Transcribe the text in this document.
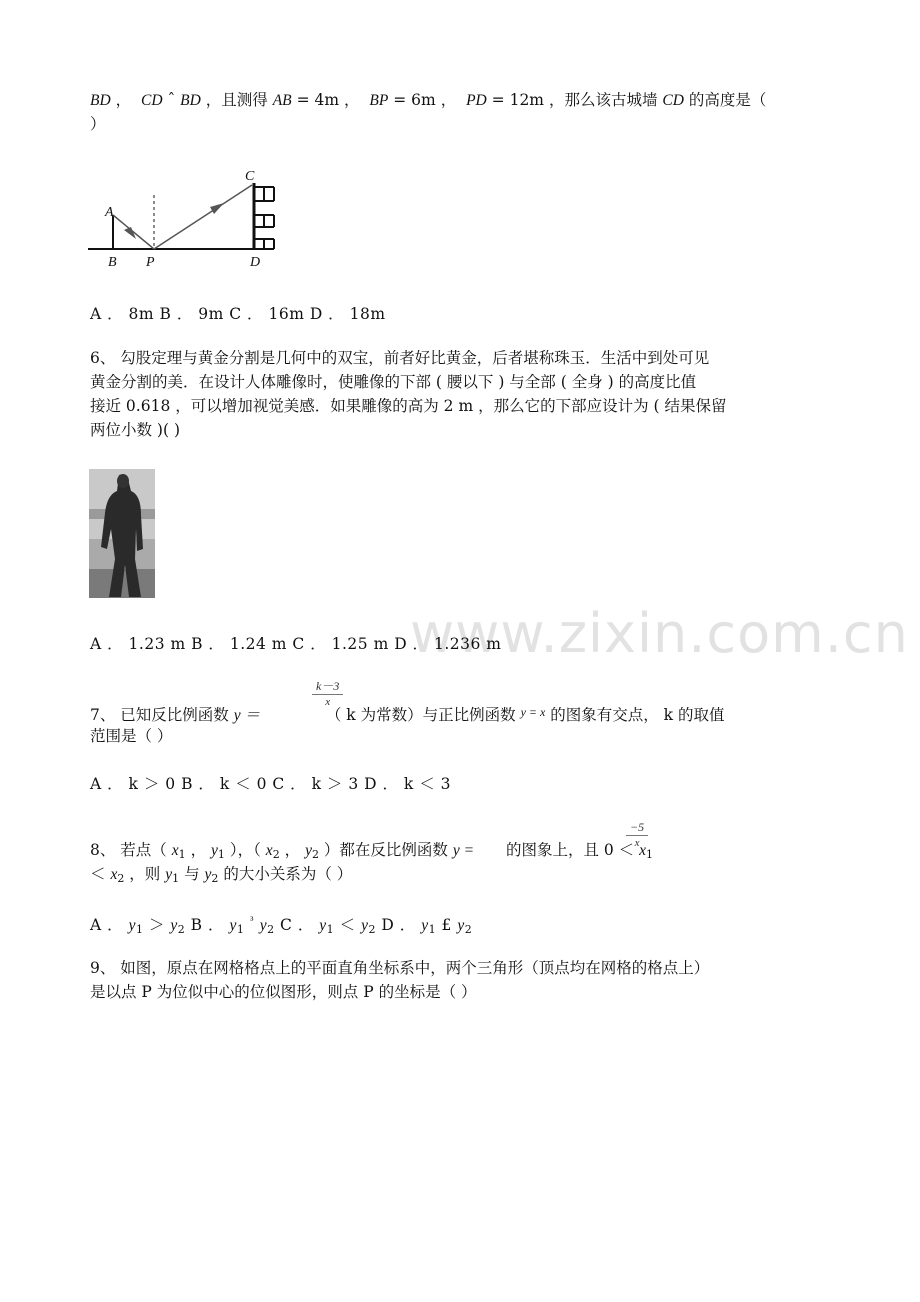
BD ， CD ˆ BD ，且测得 AB = 4m ， BP = 6m ， PD = 12m ，那么该古城墙 CD 的高度是（
）
A
B P
C
D
A ． 8m B ． 9m C ． 16m D ． 18m
6、 勾股定理与黄金分割是几何中的双宝，前者好比黄金，后者堪称珠玉．生活中到处可见
黄金分割的美．在设计人体雕像时，使雕像的下部 ( 腰以下 ) 与全部 ( 全身 ) 的高度比值
接近 0.618 ，可以增加视觉美感．如果雕像的高为 2 m ，那么它的下部应设计为 ( 结果保留
两位小数 )( )
www.zixin.com.cn
A ． 1.23 m B ． 1.24 m C ． 1.25 m D ． 1.236 m
7、 已知反比例函数 y ＝	（ k 为常数）与正比例函数 $^{y = x}$ 的图象有交点， k 的取值
$\frac{k-3}{x}$
范围是（ ）
A ． k ＞ 0 B ． k ＜ 0 C ． k ＞ 3 D ． k ＜ 3
8、 若点（ $x_1$ ， $y_1$ ），（ $x_2$ ， $y_2$ ）都在反比例函数 y = 的图象上，且 $0 < x_1$
$\frac{-5}{x}$
＜ $x_2$ ，则 $y_1$ 与 $y_2$ 的大小关系为（ ）
A ． $y_1 > y_2$ B ． $y_1$ $^{^3}$ $y_2$ C ． $y_1 < y_2$ D ． $y_1$ £ $y_2$
9、 如图，原点在网格格点上的平面直角坐标系中，两个三角形（顶点均在网格的格点上）
是以点 P 为位似中心的位似图形，则点 P 的坐标是（ ）
